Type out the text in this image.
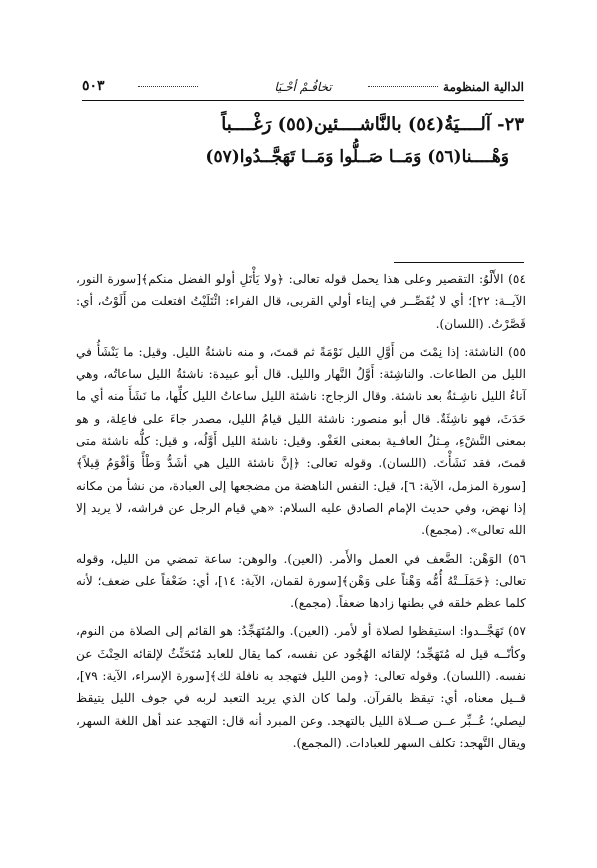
الدالية المنظومة
تخافُـمْ أحْـيَا
٥٠٣
٢٣- آلــــيَةُ(٥٤) بالنَّاشــــئين(٥٥) رَغْــــباً
وَهْــــنا(٥٦) وَمَــا صَــلُّوا وَمَــا تَهَجَّــدُوا(٥٧)

٥٤) الأَلْوُ: التقصير وعلى هذا يحمل قوله تعالى: ﴿ولا يَأْتَلِ أولو الفضل منكم﴾[سورة النور، الآيــة: ٢٢]؛ أي لا يُقَصِّــر في إيتاء أولي القربى، قال الفراء: ائْتَلَيْتُ افتعلت من أَلَوْتُ، أي: قَصَّرْتُ. (اللسان).

٥٥) الناشئة: إذا نِمْتَ من أَوَّلِ الليل نَوْمَةً ثم قمتَ، و منه ناشئةُ الليل. وقيل: ما يَنْشَأُ في الليل من الطاعات. والناشِئة: أَوَّلُ النَّهار والليل. قال أبو عبيدة: ناشئةُ الليل ساعاتُه، وهي آناءُ الليل ناشِـئةٌ بعد ناشئة. وقال الزجاج: ناشئة الليل ساعاتُ الليل كلِّها، ما نَشَأَ منه أي ما حَدَثَ، فهو ناشِئَةٌ. قال أبو منصور: ناشئة الليل قيامُ الليل، مصدر جاءَ على فاعِلة، و هو بمعنى النَّشْءِ، مِـثلُ العافـية بمعنى العَفْو. وقيل: ناشئة الليل أَوَّلُه، و قيل: كلُّه ناشئة متى قمتَ، فقد نَشَأْتَ. (اللسان). وقوله تعالى: ﴿إنَّ ناشئة الليل هي أشَدُّ وَطْأً وَأقْوَمُ قِيلاً﴾[سورة المزمل، الآية: ٦]، قيل: النفس الناهضة من مضجعها إلى العبادة، من نشأ من مكانه إذا نهض، وفي حديث الإمام الصادق عليه السلام: «هي قيام الرجل عن فراشه، لا يريد إلا الله تعالى». (مجمع).

٥٦) الوَهْن: الضَّعف في العمل والأَمر. (العين). والوهن: ساعة تمضي من الليل، وقوله تعالى: ﴿حَمَلَــتْهُ أُمُّه وَهْناً على وَهْن﴾[سورة لقمان، الآية: ١٤]، أي: ضَعْفاً على ضعف؛ لأنه كلما عظم خلقه في بطنها زادها ضعفاً. (مجمع).

٥٧) تَهَجَّــدوا: استيقظوا لصلاة أو لأمر. (العين). والمُتَهَجِّدُ: هو القائم إلى الصلاة من النوم، وكأنّــه قيل له مُتَهَجِّد؛ لإلقائه الهُجُود عن نفسه، كما يقال للعابد مُتَحَنِّثٌ لإلقائه الحِنْثَ عن نفسه. (اللسان). وقوله تعالى: ﴿ومن الليل فتهجد به نافلة لك﴾[سورة الإسراء، الآية: ٧٩]، قــيل معناه، أي: تيقظ بالقرآن. ولما كان الذي يريد التعبد لربه في جوف الليل يتيقظ ليصلي؛ عُــبِّر عــن صــلاة الليل بالتهجد. وعن المبرد أنه قال: التهجد عند أهل اللغة السهر، ويقال التَّهجد: تكلف السهر للعبادات. (المجمع).
